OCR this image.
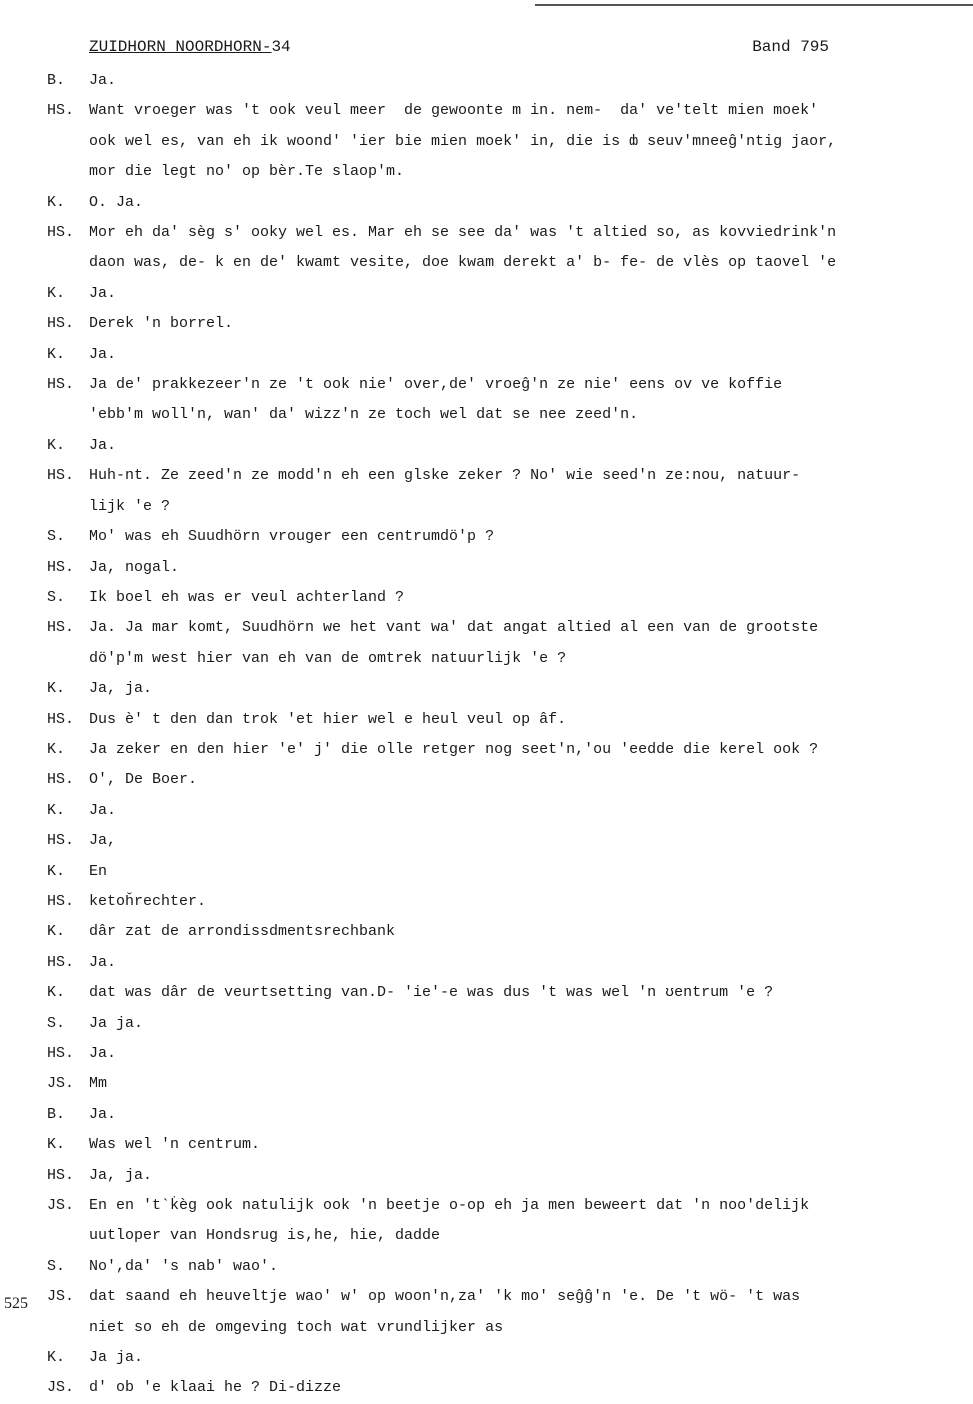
ZUIDHORN NOORDHORN-34	Band 795
B.	Ja.
HS. Want vroeger was 't ook veul meer  de gewoonte m in. nem-  da' ve'telt mien moek'
ook wel es, van eh ik woond' 'ier bie mien moek' in, die is ȸ seuv'mneeĝ'ntig jaor,
mor die legt no' op bèr.Te slaop'm.
K.	O. Ja.
HS. Mor eh da' sèg s' ooky wel es. Mar eh se see da' was 't altied so, as kovviedrink'n
daon was, de- k en de' kwamt vesite, doe kwam derekt a' b- fe- de vlès op taovel 'e
K.	Ja.
HS. Derek 'n borrel.
K.	Ja.
HS. Ja de' prakkezeer'n ze 't ook nie' over,de' vroeĝ'n ze nie' eens ov ve koffie
'ebb'm woll'n, wan' da' wizz'n ze toch wel dat se nee zeed'n.
K.	Ja.
HS. Huh-nt. Ze zeed'n ze modd'n eh een glske zeker ? No' wie seed'n ze:nou, natuur-
lijk 'e ?
S.	Mo' was eh Suudhörn vrouger een centrumdö'p ?
HS. Ja, nogal.
S.	Ik boel eh was er veul achterland ?
HS. Ja. Ja mar komt, Suudhörn we het vant wa' dat angat altied al een van de grootste
dö'p'm west hier van eh van de omtrek natuurlijk 'e ?
K.	Ja, ja.
HS. Dus è' t den dan trok 'et hier wel e heul veul op âf.
K.	Ja zeker en den hier 'e' j' die olle retger nog seet'n,'ou 'eedde die kerel ook ?
HS. O', De Boer.
K.	Ja.
HS. Ja,
K.	En
HS. ketoȟrechter.
K.	dâr zat de arrondissdmentsrechbank
HS. Ja.
K.	dat was dâr de veurtsetting van.D- 'ie'-e was dus 't was wel 'n ʊentrum 'e ?
S.	Ja ja.
HS. Ja.
JS. Mm
B.	Ja.
K.	Was wel 'n centrum.
HS. Ja, ja.
JS. En en 't`k̇èg ook natulijk ook 'n beetje o-op eh ja men beweert dat 'n noo'delijk
uutloper van Hondsrug is,he, hie, dadde
S.	No',da' 's nab' wao'.
JS. dat saand eh heuveltje wao' w' op woon'n,za' 'k mo' seĝĝ'n 'e. De 't wö- 't was
niet so eh de omgeving toch wat vrundlijker as
K.	Ja ja.
JS. d' ob 'e klaai he ? Di-dizze
525
